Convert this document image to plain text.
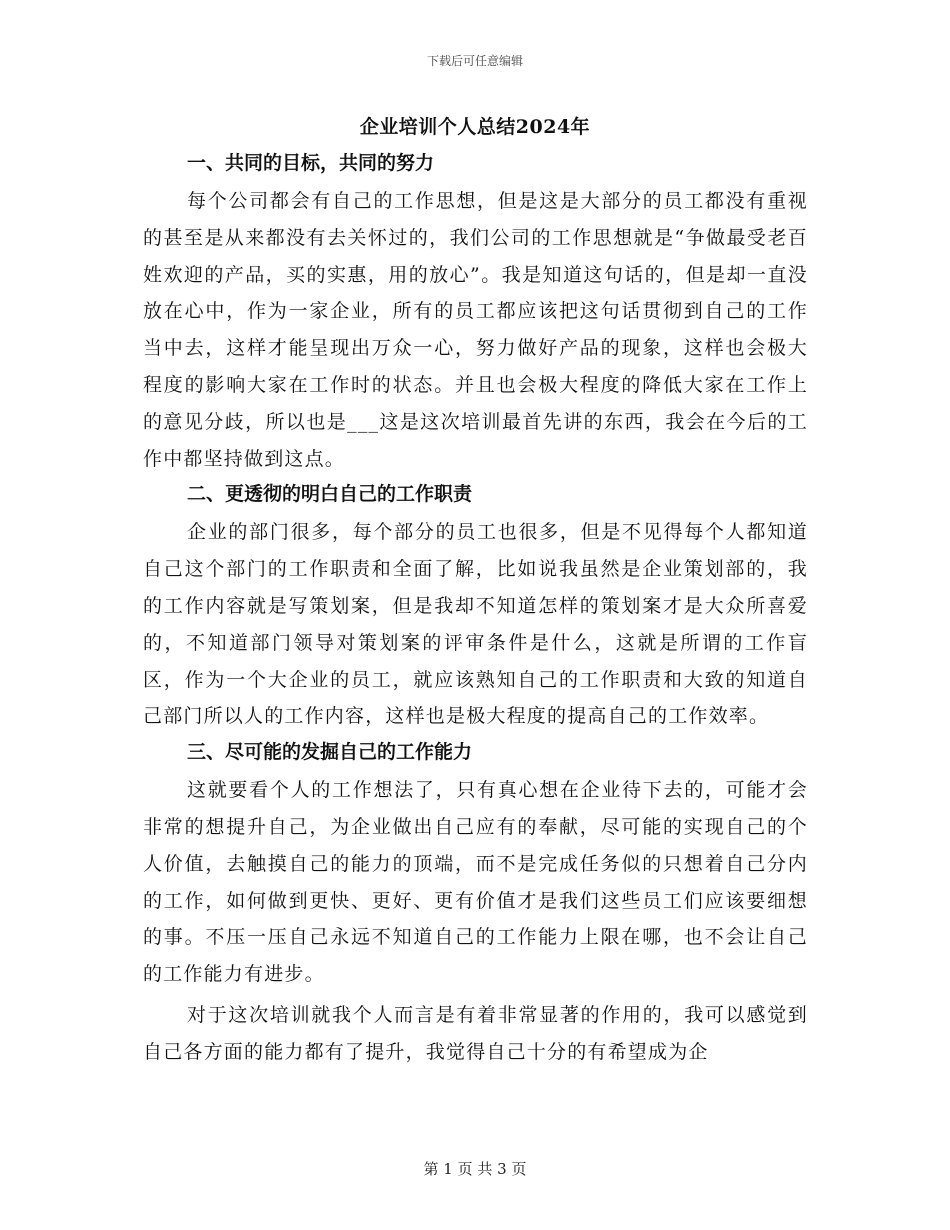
下载后可任意编辑
企业培训个人总结2024年
一、共同的目标，共同的努力

每个公司都会有自己的工作思想，但是这是大部分的员工都没有重视的甚至是从来都没有去关怀过的，我们公司的工作思想就是“争做最受老百姓欢迎的产品，买的实惠，用的放心”。我是知道这句话的，但是却一直没放在心中，作为一家企业，所有的员工都应该把这句话贯彻到自己的工作当中去，这样才能呈现出万众一心，努力做好产品的现象，这样也会极大程度的影响大家在工作时的状态。并且也会极大程度的降低大家在工作上的意见分歧，所以也是___这是这次培训最首先讲的东西，我会在今后的工作中都坚持做到这点。

二、更透彻的明白自己的工作职责

企业的部门很多，每个部分的员工也很多，但是不见得每个人都知道自己这个部门的工作职责和全面了解，比如说我虽然是企业策划部的，我的工作内容就是写策划案，但是我却不知道怎样的策划案才是大众所喜爱的，不知道部门领导对策划案的评审条件是什么，这就是所谓的工作盲区，作为一个大企业的员工，就应该熟知自己的工作职责和大致的知道自己部门所以人的工作内容，这样也是极大程度的提高自己的工作效率。

三、尽可能的发掘自己的工作能力

这就要看个人的工作想法了，只有真心想在企业待下去的，可能才会非常的想提升自己，为企业做出自己应有的奉献，尽可能的实现自己的个人价值，去触摸自己的能力的顶端，而不是完成任务似的只想着自己分内的工作，如何做到更快、更好、更有价值才是我们这些员工们应该要细想的事。不压一压自己永远不知道自己的工作能力上限在哪，也不会让自己的工作能力有进步。

对于这次培训就我个人而言是有着非常显著的作用的，我可以感觉到自己各方面的能力都有了提升，我觉得自己十分的有希望成为企

第 1 页 共 3 页
